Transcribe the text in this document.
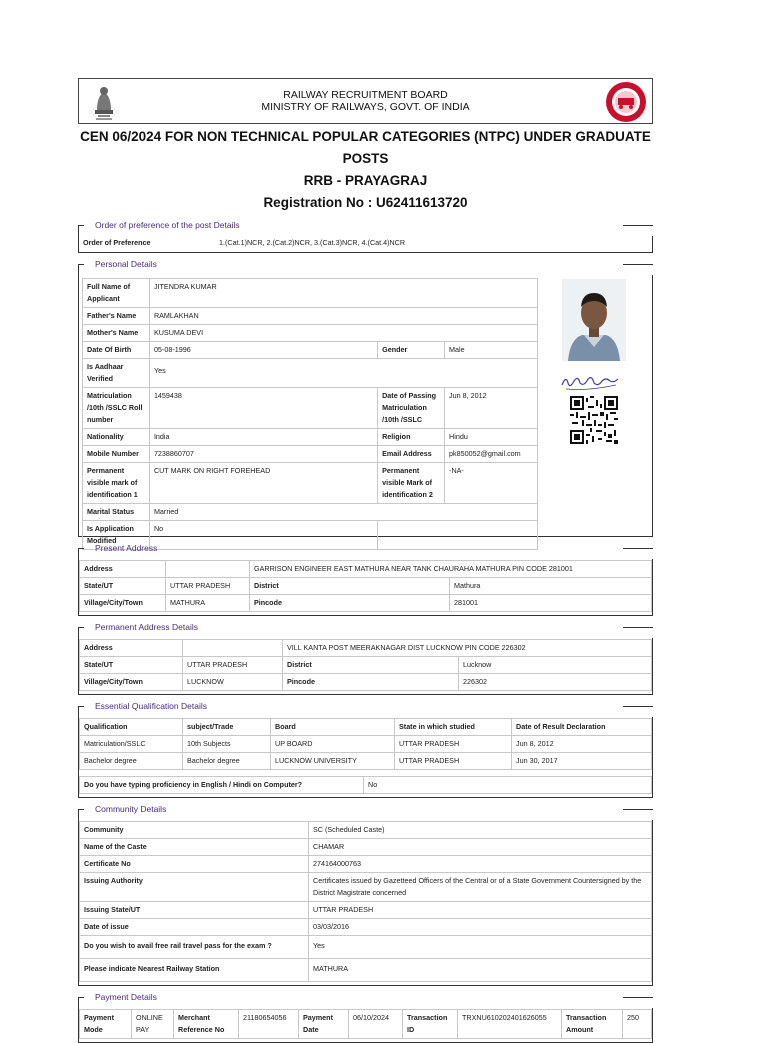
RAILWAY RECRUITMENT BOARD
MINISTRY OF RAILWAYS, GOVT. OF INDIA
CEN 06/2024 FOR NON TECHNICAL POPULAR CATEGORIES (NTPC) UNDER GRADUATE
POSTS
RRB - PRAYAGRAJ
Registration No : U62411613720
Order of preference of the post Details
Order of Preference	1.(Cat.1)NCR, 2.(Cat.2)NCR, 3.(Cat.3)NCR, 4.(Cat.4)NCR
Personal Details
Full Name of Applicant	JITENDRA KUMAR		
Father's Name	RAMLAKHAN		
Mother's Name	KUSUMA DEVI		
Date Of Birth	05-08-1996	Gender	Male
Is Aadhaar Verified	Yes		
Matriculation /10th /SSLC Roll number	1459438	Date of Passing Matriculation /10th /SSLC	Jun 8, 2012
Nationality	India	Religion	Hindu
Mobile Number	7238860707	Email Address	pk850052@gmail.com
Permanent visible mark of identification 1	CUT MARK ON RIGHT FOREHEAD	Permanent visible Mark of identification 2	-NA-
Marital Status	Married		
Is Application Modified	No		
Present Address
Address		GARRISON ENGINEER EAST MATHURA NEAR TANK CHAURAHA MATHURA PIN CODE 281001	
State/UT	UTTAR PRADESH	District	Mathura
Village/City/Town	MATHURA	Pincode	281001
Permanent Address Details
Address		VILL KANTA POST MEERAKNAGAR DIST LUCKNOW PIN CODE 226302	
State/UT	UTTAR PRADESH	District	Lucknow
Village/City/Town	LUCKNOW	Pincode	226302
Essential Qualification Details
Qualification	subject/Trade	Board	State in which studied	Date of Result Declaration
Matriculation/SSLC	10th Subjects	UP BOARD	UTTAR PRADESH	Jun 8, 2012
Bachelor degree	Bachelor degree	LUCKNOW UNIVERSITY	UTTAR PRADESH	Jun 30, 2017
Do you have typing proficiency in English / Hindi on Computer?	No
Community Details
Community	SC (Scheduled Caste)
Name of the Caste	CHAMAR
Certificate No	274164000763
Issuing Authority	Certificates issued by Gazetteed Officers of the Central or of a State Government Countersigned by the District Magistrate concerned
Issuing State/UT	UTTAR PRADESH
Date of issue	03/03/2016
Do you wish to avail free rail travel pass for the exam ?	Yes
Please indicate Nearest Railway Station	MATHURA
Payment Details
Payment Mode	ONLINE PAY	Merchant Reference No	21180654056	Payment Date	06/10/2024	Transaction ID	TRXNU610202401626055	Transaction Amount	250
